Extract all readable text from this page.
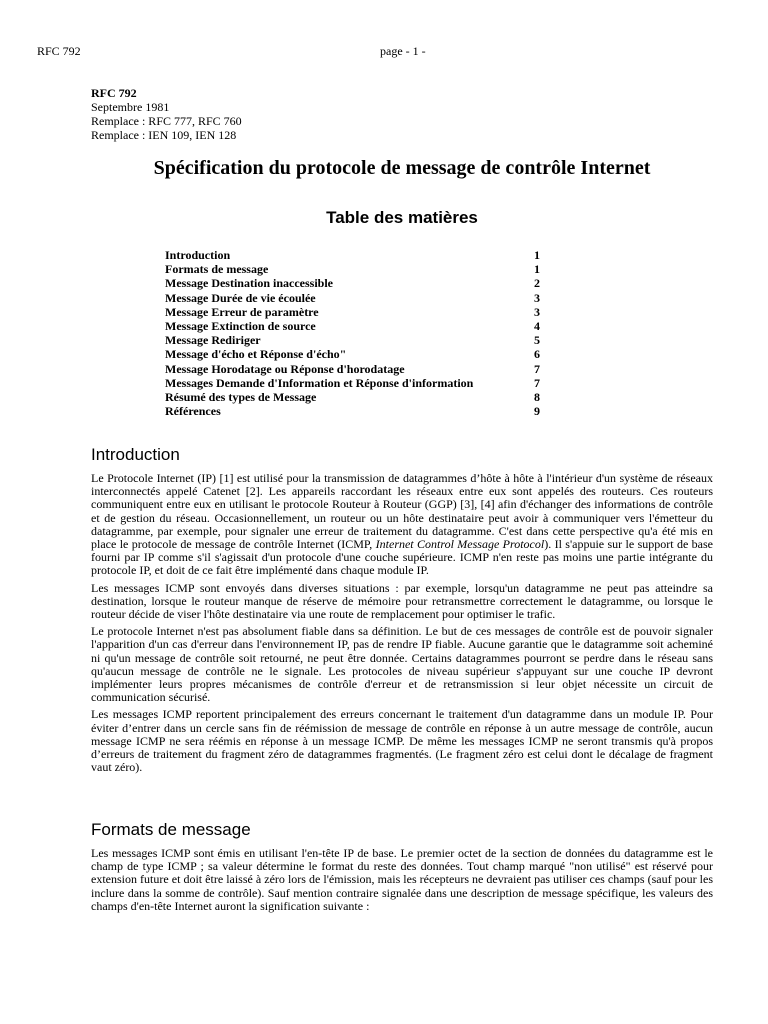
RFC 792	page - 1 -
RFC 792
Septembre 1981
Remplace : RFC 777, RFC 760
Remplace : IEN 109, IEN 128
Spécification du protocole de message de contrôle Internet
Table des matières
Introduction	1
Formats de message	1
Message Destination inaccessible	2
Message Durée de vie écoulée	3
Message Erreur de paramètre	3
Message Extinction de source	4
Message Rediriger	5
Message d'écho et Réponse d'écho"	6
Message Horodatage ou Réponse d'horodatage	7
Messages Demande d'Information et Réponse d'information	7
Résumé des types de Message	8
Références	9
Introduction

Le Protocole Internet (IP) [1] est utilisé pour la transmission de datagrammes d’hôte à hôte à l'intérieur d'un système de réseaux interconnectés appelé Catenet [2]. Les appareils raccordant les réseaux entre eux sont appelés des routeurs. Ces routeurs communiquent entre eux en utilisant le protocole Routeur à Routeur (GGP) [3], [4] afin d'échanger des informations de contrôle et de gestion du réseau. Occasionnellement, un routeur ou un hôte destinataire peut avoir à communiquer vers l'émetteur du datagramme, par exemple, pour signaler une erreur de traitement du datagramme. C'est dans cette perspective qu'a été mis en place le protocole de message de contrôle Internet (ICMP, Internet Control Message Protocol). Il s'appuie sur le support de base fourni par IP comme s'il s'agissait d'un protocole d'une couche supérieure. ICMP n'en reste pas moins une partie intégrante du protocole IP, et doit de ce fait être implémenté dans chaque module IP.

Les messages ICMP sont envoyés dans diverses situations : par exemple, lorsqu'un datagramme ne peut pas atteindre sa destination, lorsque le routeur manque de réserve de mémoire pour retransmettre correctement le datagramme, ou lorsque le routeur décide de viser l'hôte destinataire via une route de remplacement pour optimiser le trafic.

Le protocole Internet n'est pas absolument fiable dans sa définition. Le but de ces messages de contrôle est de pouvoir signaler l'apparition d'un cas d'erreur dans l'environnement IP, pas de rendre IP fiable. Aucune garantie que le datagramme soit acheminé ni qu'un message de contrôle soit retourné, ne peut être donnée. Certains datagrammes pourront se perdre dans le réseau sans qu'aucun message de contrôle ne le signale. Les protocoles de niveau supérieur s'appuyant sur une couche IP devront implémenter leurs propres mécanismes de contrôle d'erreur et de retransmission si leur objet nécessite un circuit de communication sécurisé.

Les messages ICMP reportent principalement des erreurs concernant le traitement d'un datagramme dans un module IP. Pour éviter d’entrer dans un cercle sans fin de réémission de message de contrôle en réponse à un autre message de contrôle, aucun message ICMP ne sera réémis en réponse à un message ICMP. De même les messages ICMP ne seront transmis qu'à propos d’erreurs de traitement du fragment zéro de datagrammes fragmentés. (Le fragment zéro est celui dont le décalage de fragment vaut zéro).

Formats de message

Les messages ICMP sont émis en utilisant l'en-tête IP de base. Le premier octet de la section de données du datagramme est le champ de type ICMP ; sa valeur détermine le format du reste des données. Tout champ marqué "non utilisé" est réservé pour extension future et doit être laissé à zéro lors de l'émission, mais les récepteurs ne devraient pas utiliser ces champs (sauf pour les inclure dans la somme de contrôle). Sauf mention contraire signalée dans une description de message spécifique, les valeurs des champs d'en-tête Internet auront la signification suivante :
